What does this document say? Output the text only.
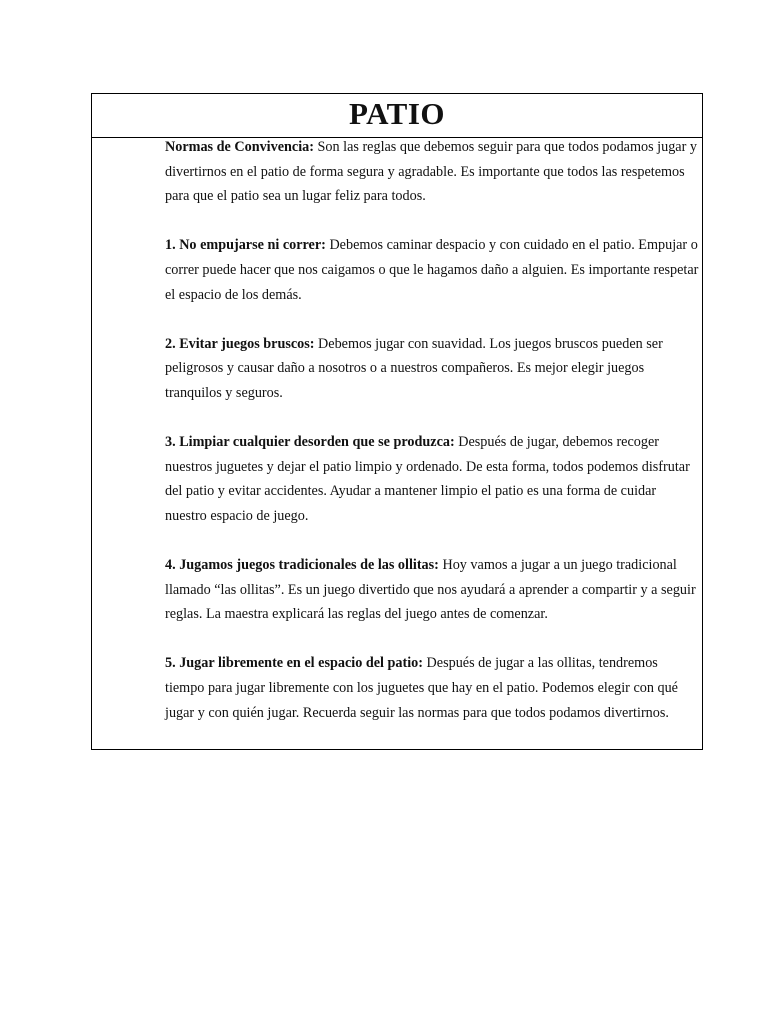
PATIO

Normas de Convivencia: Son las reglas que debemos seguir para que todos podamos jugar y divertirnos en el patio de forma segura y agradable. Es importante que todos las respetemos para que el patio sea un lugar feliz para todos.

1. No empujarse ni correr: Debemos caminar despacio y con cuidado en el patio. Empujar o correr puede hacer que nos caigamos o que le hagamos daño a alguien. Es importante respetar el espacio de los demás.

2. Evitar juegos bruscos: Debemos jugar con suavidad. Los juegos bruscos pueden ser peligrosos y causar daño a nosotros o a nuestros compañeros. Es mejor elegir juegos tranquilos y seguros.

3. Limpiar cualquier desorden que se produzca: Después de jugar, debemos recoger nuestros juguetes y dejar el patio limpio y ordenado. De esta forma, todos podemos disfrutar del patio y evitar accidentes. Ayudar a mantener limpio el patio es una forma de cuidar nuestro espacio de juego.

4. Jugamos juegos tradicionales de las ollitas: Hoy vamos a jugar a un juego tradicional llamado “las ollitas”. Es un juego divertido que nos ayudará a aprender a compartir y a seguir reglas. La maestra explicará las reglas del juego antes de comenzar.

5. Jugar libremente en el espacio del patio: Después de jugar a las ollitas, tendremos tiempo para jugar libremente con los juguetes que hay en el patio. Podemos elegir con qué jugar y con quién jugar. Recuerda seguir las normas para que todos podamos divertirnos.
